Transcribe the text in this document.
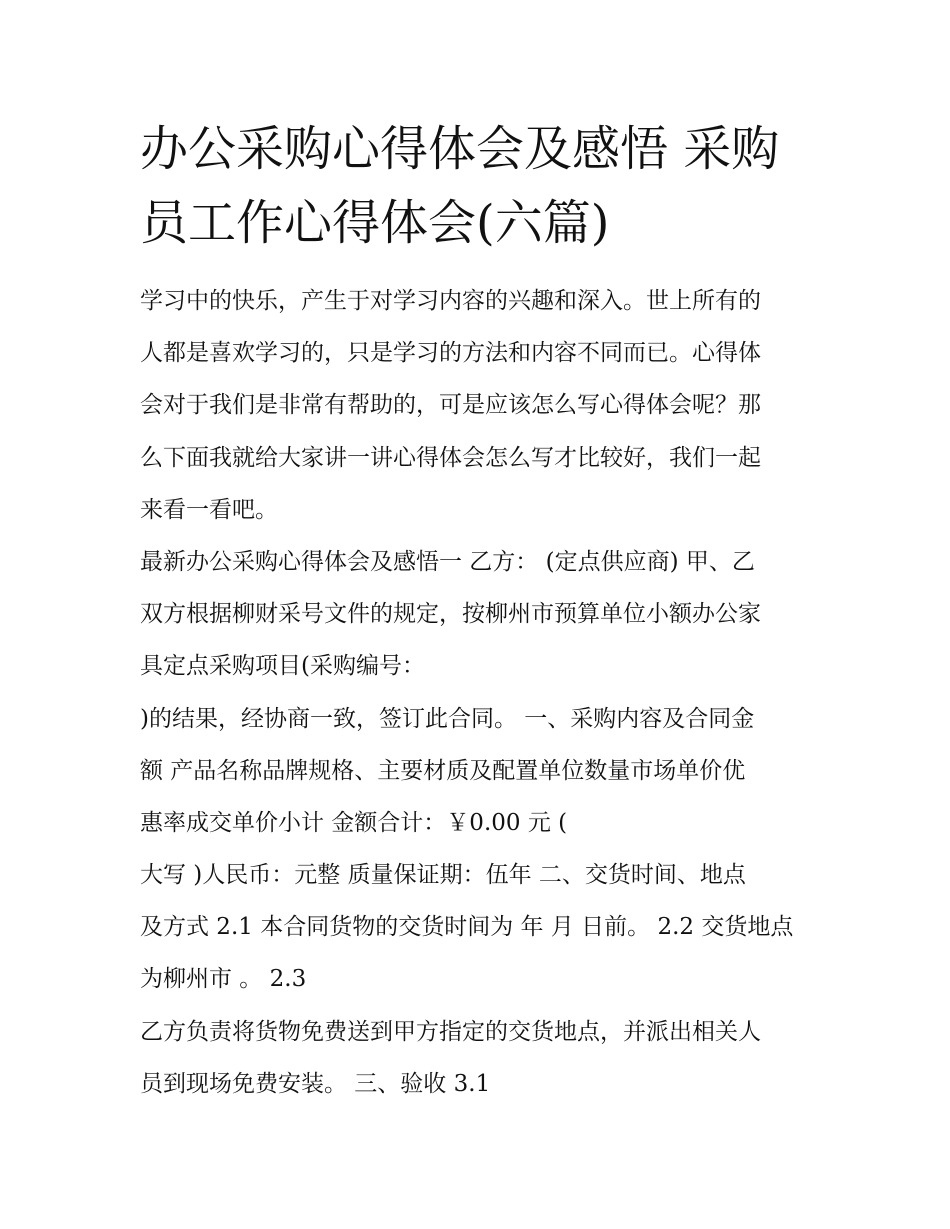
办公采购心得体会及感悟 采购
员工作心得体会(六篇)
学习中的快乐，产生于对学习内容的兴趣和深入。世上所有的
人都是喜欢学习的，只是学习的方法和内容不同而已。心得体
会对于我们是非常有帮助的，可是应该怎么写心得体会呢？那
么下面我就给大家讲一讲心得体会怎么写才比较好，我们一起
来看一看吧。
最新办公采购心得体会及感悟一 乙方： (定点供应商) 甲、乙
双方根据柳财采号文件的规定，按柳州市预算单位小额办公家
具定点采购项目(采购编号：
)的结果，经协商一致，签订此合同。 一、采购内容及合同金
额 产品名称品牌规格、主要材质及配置单位数量市场单价优
惠率成交单价小计 金额合计：￥0.00 元 (
大写 )人民币：元整 质量保证期：伍年 二、交货时间、地点
及方式 2.1 本合同货物的交货时间为 年 月 日前。 2.2 交货地点
为柳州市 。 2.3
乙方负责将货物免费送到甲方指定的交货地点，并派出相关人
员到现场免费安装。 三、验收 3.1
